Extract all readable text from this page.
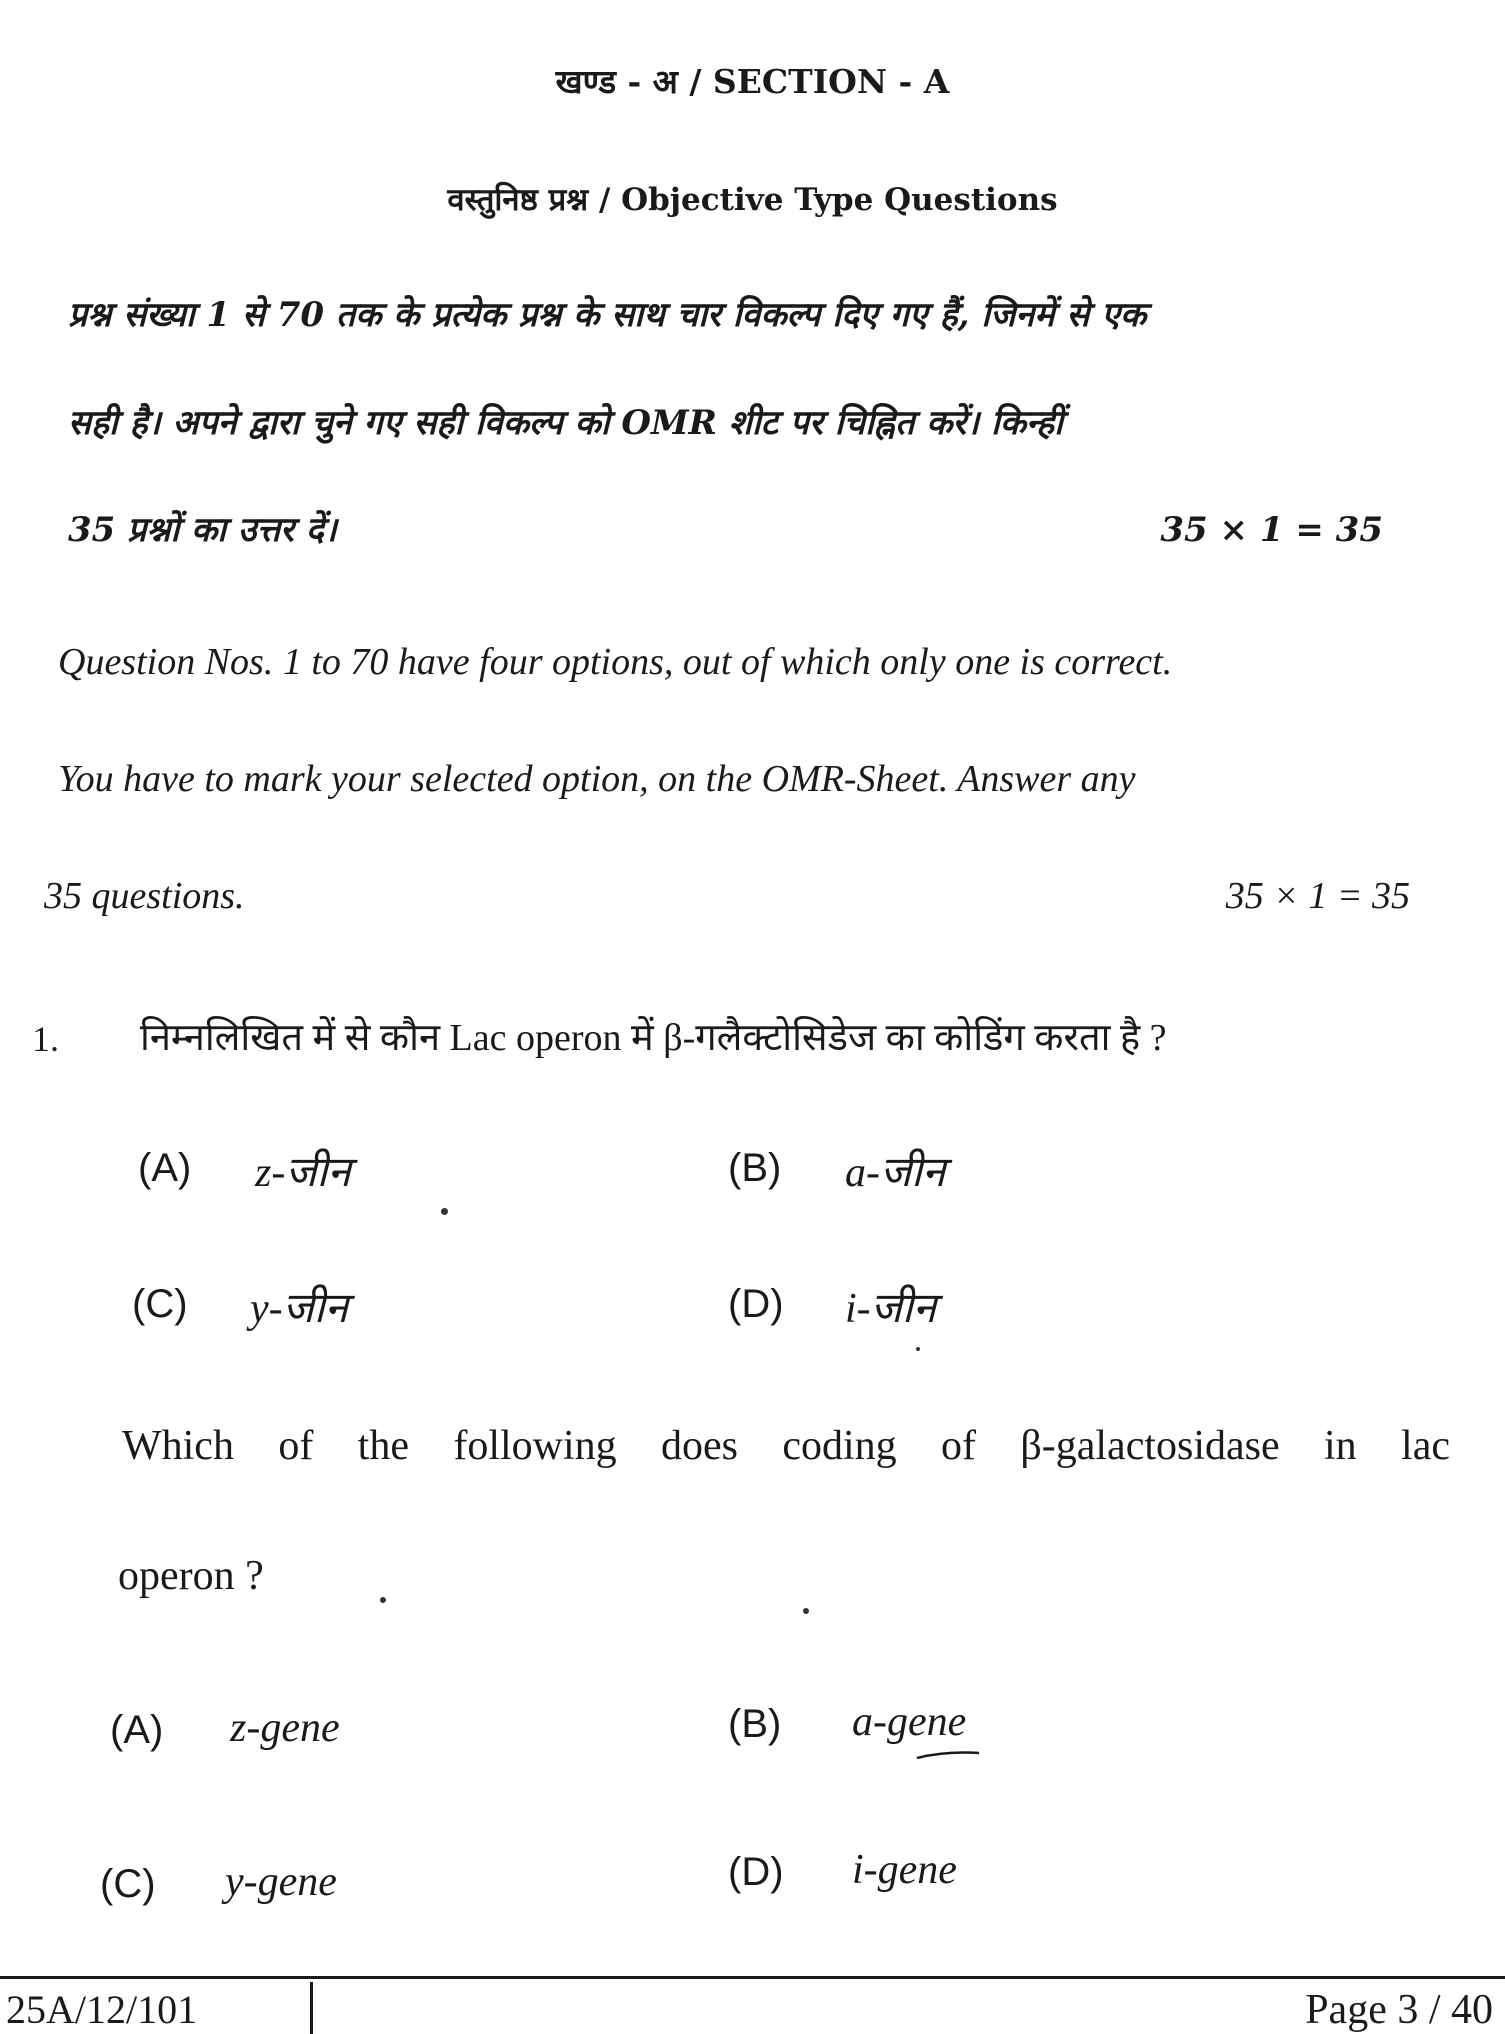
खण्ड - अ / SECTION - A
वस्तुनिष्ठ प्रश्न / Objective Type Questions
प्रश्न संख्या 1 से 70 तक के प्रत्येक प्रश्न के साथ चार विकल्प दिए गए हैं, जिनमें से एक
सही है। अपने द्वारा चुने गए सही विकल्प को OMR शीट पर चिह्नित करें। किन्हीं
35 प्रश्नों का उत्तर दें।	35 × 1 = 35
Question Nos. 1 to 70 have four options, out of which only one is correct.
You have to mark your selected option, on the OMR-Sheet. Answer any
35 questions.	35 × 1 = 35
1. निम्नलिखित में से कौन Lac operon में β-गलैक्टोसिडेज का कोडिंग करता है ?
(A) z-जीन	(B) a-जीन
(C) y-जीन	(D) i-जीन
Which of the following does coding of β-galactosidase in lac
operon ?
(A) z-gene	(B) a-gene
(C) y-gene	(D) i-gene
25A/12/101	Page 3 / 40
